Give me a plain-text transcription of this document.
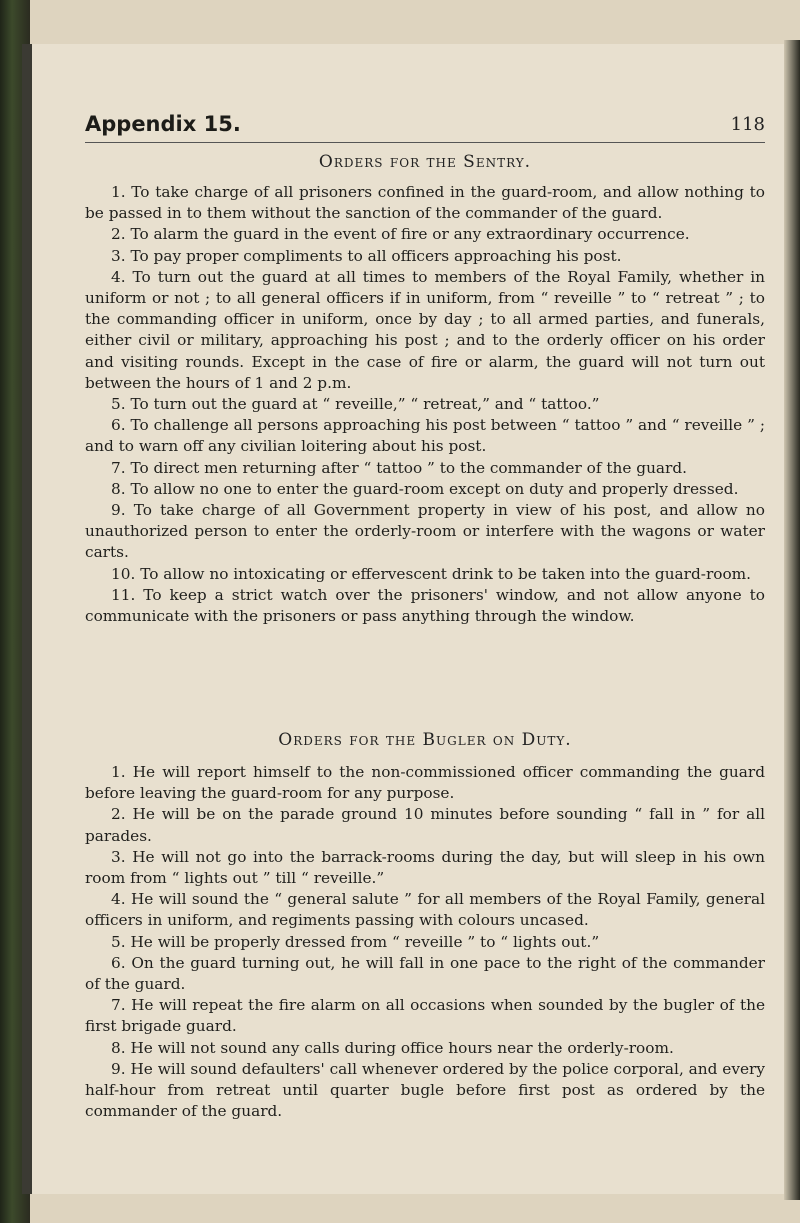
Appendix 15.	118
Orders for the Sentry.

1. To take charge of all prisoners confined in the guard-room, and allow nothing to be passed in to them without the sanction of the commander of the guard.

2. To alarm the guard in the event of fire or any extraordinary occurrence.

3. To pay proper compliments to all officers approaching his post.

4. To turn out the guard at all times to members of the Royal Family, whether in uniform or not ; to all general officers if in uniform, from “ reveille ” to “ retreat ” ; to the commanding officer in uniform, once by day ; to all armed parties, and funerals, either civil or military, approaching his post ; and to the orderly officer on his order and visiting rounds. Except in the case of fire or alarm, the guard will not turn out between the hours of 1 and 2 p.m.

5. To turn out the guard at “ reveille,” “ retreat,” and “ tattoo.”

6. To challenge all persons approaching his post between “ tattoo ” and “ reveille ” ; and to warn off any civilian loitering about his post.

7. To direct men returning after “ tattoo ” to the commander of the guard.

8. To allow no one to enter the guard-room except on duty and properly dressed.

9. To take charge of all Government property in view of his post, and allow no unauthorized person to enter the orderly-room or interfere with the wagons or water carts.

10. To allow no intoxicating or effervescent drink to be taken into the guard-room.

11. To keep a strict watch over the prisoners' window, and not allow anyone to communicate with the prisoners or pass anything through the window.

Orders for the Bugler on Duty.

1. He will report himself to the non-commissioned officer commanding the guard before leaving the guard-room for any purpose.

2. He will be on the parade ground 10 minutes before sounding “ fall in ” for all parades.

3. He will not go into the barrack-rooms during the day, but will sleep in his own room from “ lights out ” till “ reveille.”

4. He will sound the “ general salute ” for all members of the Royal Family, general officers in uniform, and regiments passing with colours uncased.

5. He will be properly dressed from “ reveille ” to “ lights out.”

6. On the guard turning out, he will fall in one pace to the right of the commander of the guard.

7. He will repeat the fire alarm on all occasions when sounded by the bugler of the first brigade guard.

8. He will not sound any calls during office hours near the orderly-room.

9. He will sound defaulters' call whenever ordered by the police corporal, and every half-hour from retreat until quarter bugle before first post as ordered by the commander of the guard.
